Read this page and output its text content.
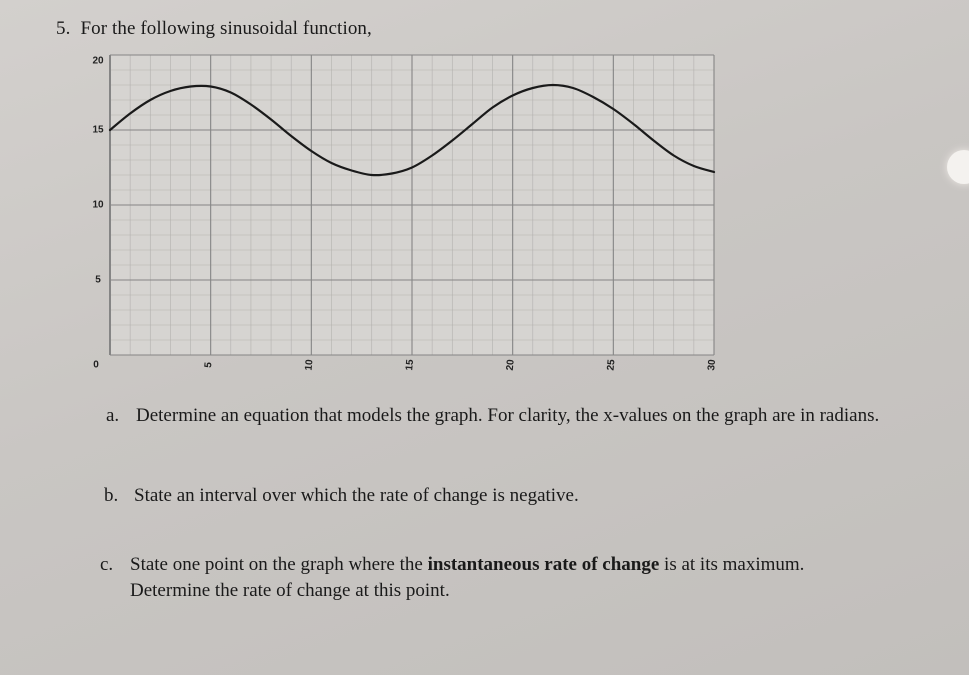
5. For the following sinusoidal function,
0	5	10	15	20	25	30
20
15
10
5
a. Determine an equation that models the graph. For clarity, the x-values on the graph are in radians.
b. State an interval over which the rate of change is negative.
c. State one point on the graph where the instantaneous rate of change is at its maximum. Determine the rate of change at this point.
